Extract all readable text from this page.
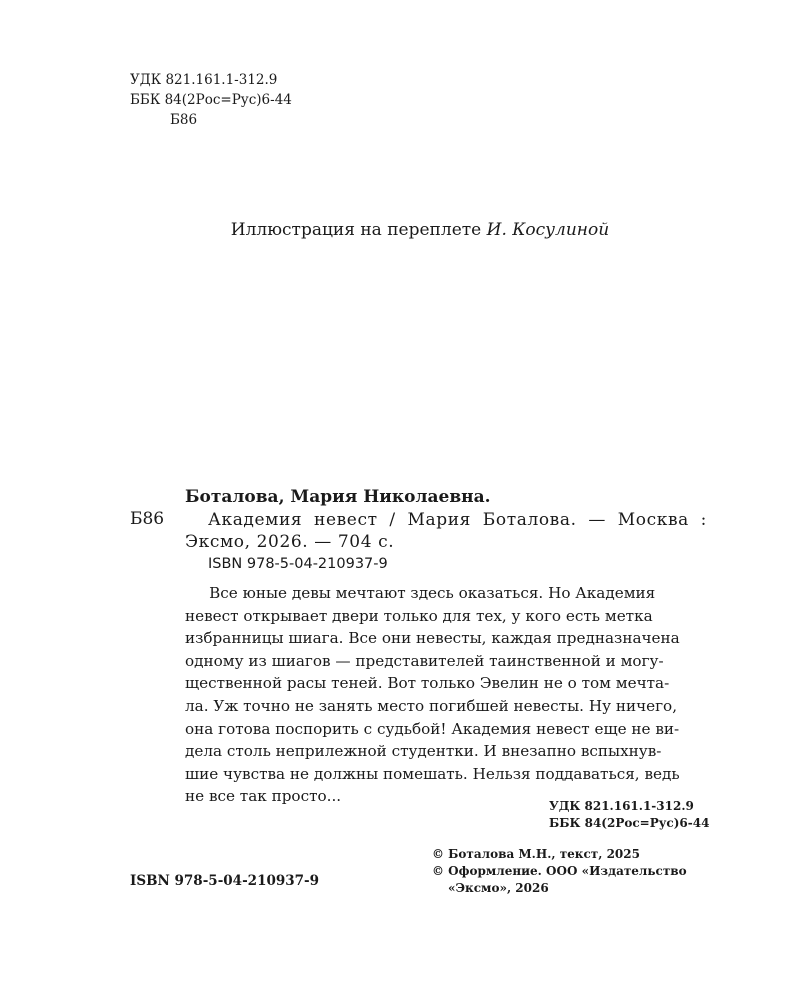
УДК 821.161.1-312.9
ББК 84(2Рос=Рус)6-44
Б86
Иллюстрация на переплете И. Косулиной
Боталова, Мария Николаевна.
Б86	Академия невест / Мария Боталова. — Москва : Эксмо, 2026. — 704 с.
ISBN 978-5-04-210937-9
Все юные девы мечтают здесь оказаться. Но Академия
невест открывает двери только для тех, у кого есть метка
избранницы шиага. Все они невесты, каждая предназначена
одному из шиагов — представителей таинственной и могу-
щественной расы теней. Вот только Эвелин не о том мечта-
ла. Уж точно не занять место погибшей невесты. Ну ничего,
она готова поспорить с судьбой! Академия невест еще не ви-
дела столь неприлежной студентки. И внезапно вспыхнув-
шие чувства не должны помешать. Нельзя поддаваться, ведь
не все так просто...
УДК 821.161.1-312.9
ББК 84(2Рос=Рус)6-44
© Боталова М.Н., текст, 2025
© Оформление. ООО «Издательство
«Эксмо», 2026
ISBN 978-5-04-210937-9
